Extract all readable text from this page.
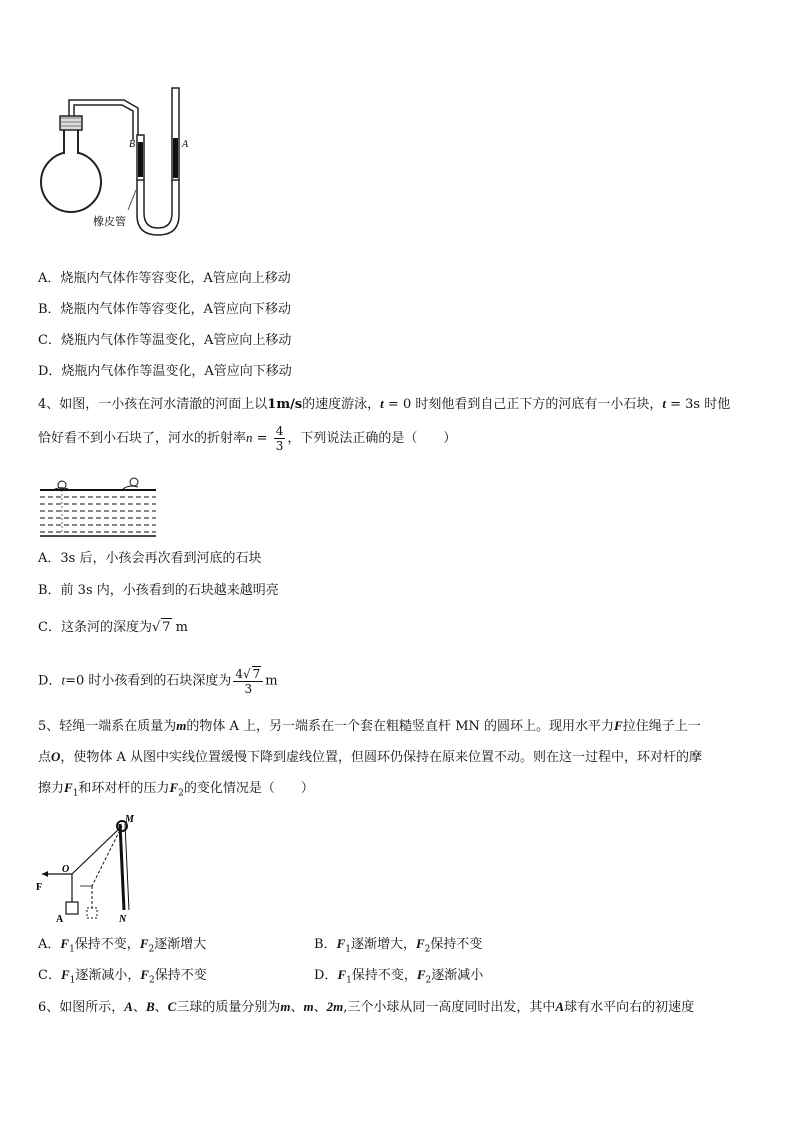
B	A
橡皮管
A．烧瓶内气体作等容变化，A管应向上移动
B．烧瓶内气体作等容变化，A管应向下移动
C．烧瓶内气体作等温变化，A管应向上移动
D．烧瓶内气体作等温变化，A管应向下移动
4、如图，一小孩在河水清澈的河面上以1m/s的速度游泳，t = 0 时刻他看到自己正下方的河底有一小石块，t = 3s 时他
恰好看不到小石块了，河水的折射率$n = \frac{4}{3}$ ，下列说法正确的是（　　）
A．3s 后，小孩会再次看到河底的石块
B．前 3s 内，小孩看到的石块越来越明亮
C．这条河的深度为√ 7 m
D．t=0 时小孩看到的石块深度为 $\frac{4√ 7}{3}$ m
5、轻绳一端系在质量为m的物体 A 上，另一端系在一个套在粗糙竖直杆 MN 的圆环上。现用水平力F拉住绳子上一
点O，使物体 A 从图中实线位置缓慢下降到虚线位置，但圆环仍保持在原来位置不动。则在这一过程中，环对杆的摩
擦力$F_1$和环对杆的压力$F_2$的变化情况是（　　）
M
N
O
F
A
A．$F_1$保持不变，$F_2$逐渐增大	B．$F_1$逐渐增大，$F_2$保持不变
C．$F_1$逐渐减小，$F_2$保持不变	D．$F_1$保持不变，$F_2$逐渐减小
6、如图所示，A、B、C三球的质量分别为m、m、2m,三个小球从同一高度同时出发，其中A球有水平向右的初速度
